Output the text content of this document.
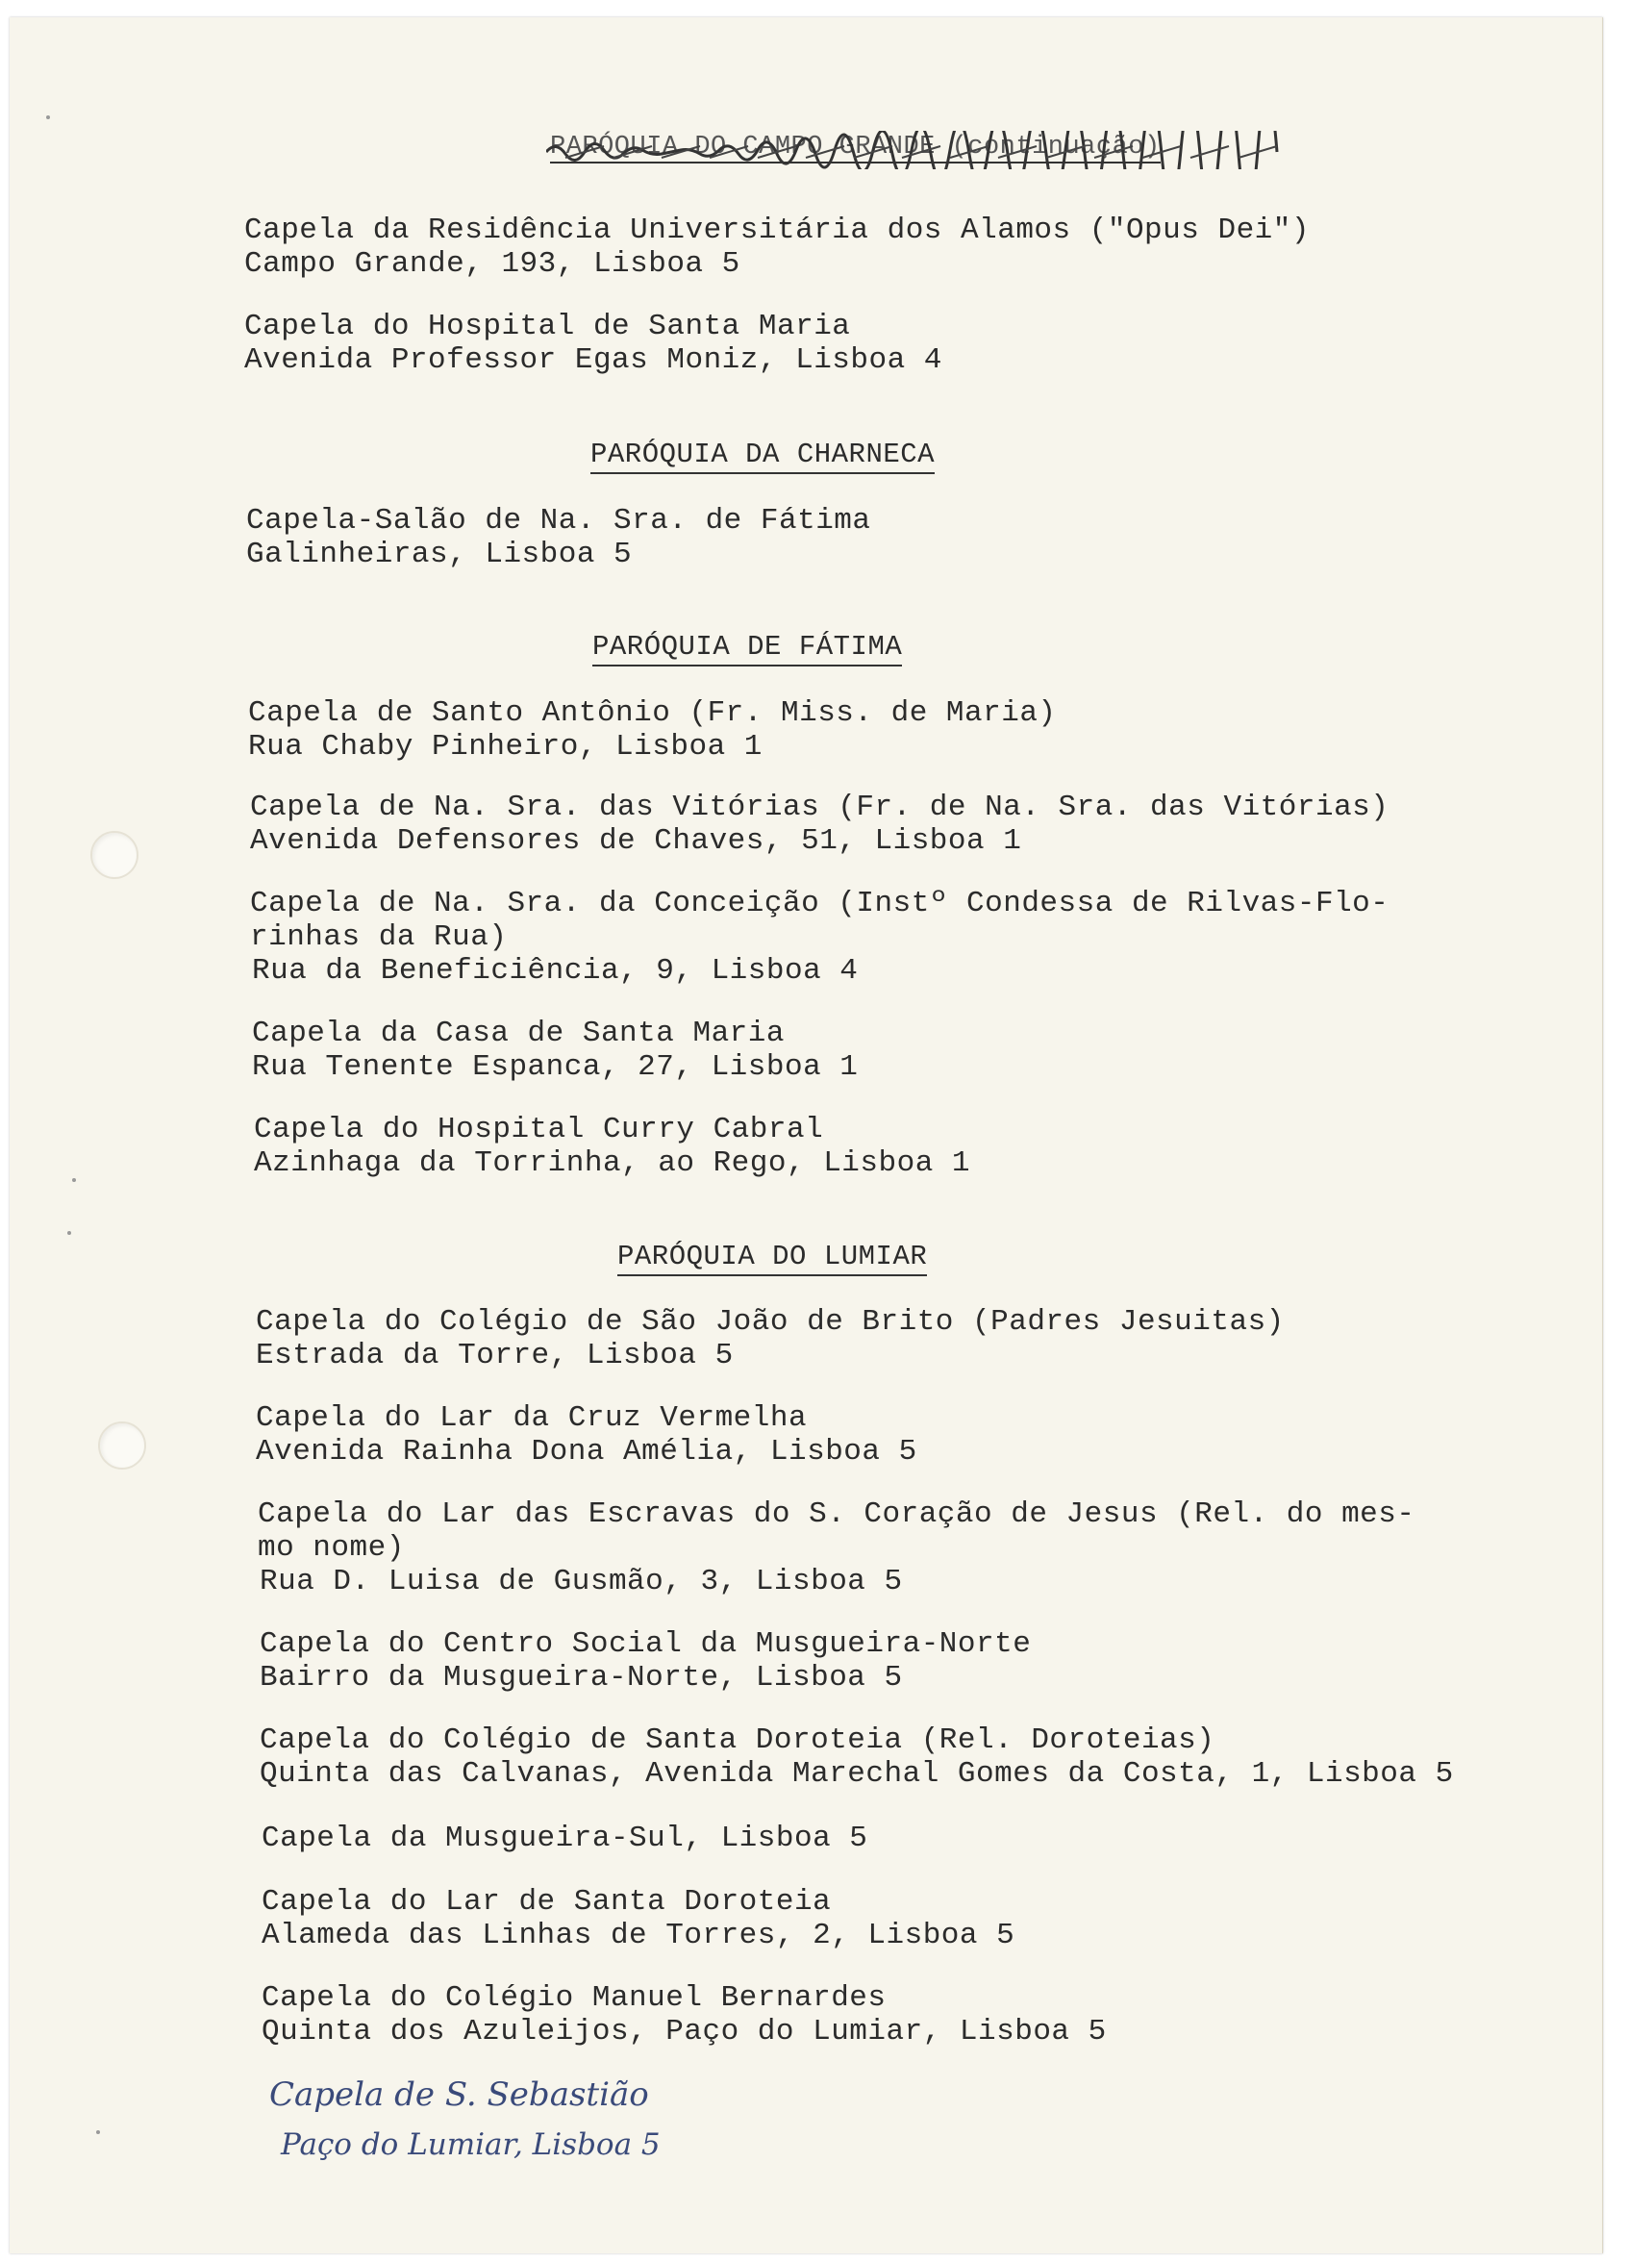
PARÓQUIA DO CAMPO GRANDE (continuação)

Capela da Residência Universitária dos Alamos ("Opus Dei")

Campo Grande, 193, Lisboa 5

Capela do Hospital de Santa Maria

Avenida Professor Egas Moniz, Lisboa 4

PARÓQUIA DA CHARNECA

Capela-Salão de Na. Sra. de Fátima

Galinheiras, Lisboa 5

PARÓQUIA DE FÁTIMA

Capela de Santo Antônio (Fr. Miss. de Maria)

Rua Chaby Pinheiro, Lisboa 1

Capela de Na. Sra. das Vitórias (Fr. de Na. Sra. das Vitórias)

Avenida Defensores de Chaves, 51, Lisboa 1

Capela de Na. Sra. da Conceição (Instº Condessa de Rilvas-Flo-

rinhas da Rua)

Rua da Beneficiência, 9, Lisboa 4

Capela da Casa de Santa Maria

Rua Tenente Espanca, 27, Lisboa 1

Capela do Hospital Curry Cabral

Azinhaga da Torrinha, ao Rego, Lisboa 1

PARÓQUIA DO LUMIAR

Capela do Colégio de São João de Brito (Padres Jesuitas)

Estrada da Torre, Lisboa 5

Capela do Lar da Cruz Vermelha

Avenida Rainha Dona Amélia, Lisboa 5

Capela do Lar das Escravas do S. Coração de Jesus (Rel. do mes-

mo nome)

Rua D. Luisa de Gusmão, 3, Lisboa 5

Capela do Centro Social da Musgueira-Norte

Bairro da Musgueira-Norte, Lisboa 5

Capela do Colégio de Santa Doroteia (Rel. Doroteias)

Quinta das Calvanas, Avenida Marechal Gomes da Costa, 1, Lisboa 5

Capela da Musgueira-Sul, Lisboa 5

Capela do Lar de Santa Doroteia

Alameda das Linhas de Torres, 2, Lisboa 5

Capela do Colégio Manuel Bernardes

Quinta dos Azuleijos, Paço do Lumiar, Lisboa 5

Capela de S. Sebastião

Paço do Lumiar, Lisboa 5
